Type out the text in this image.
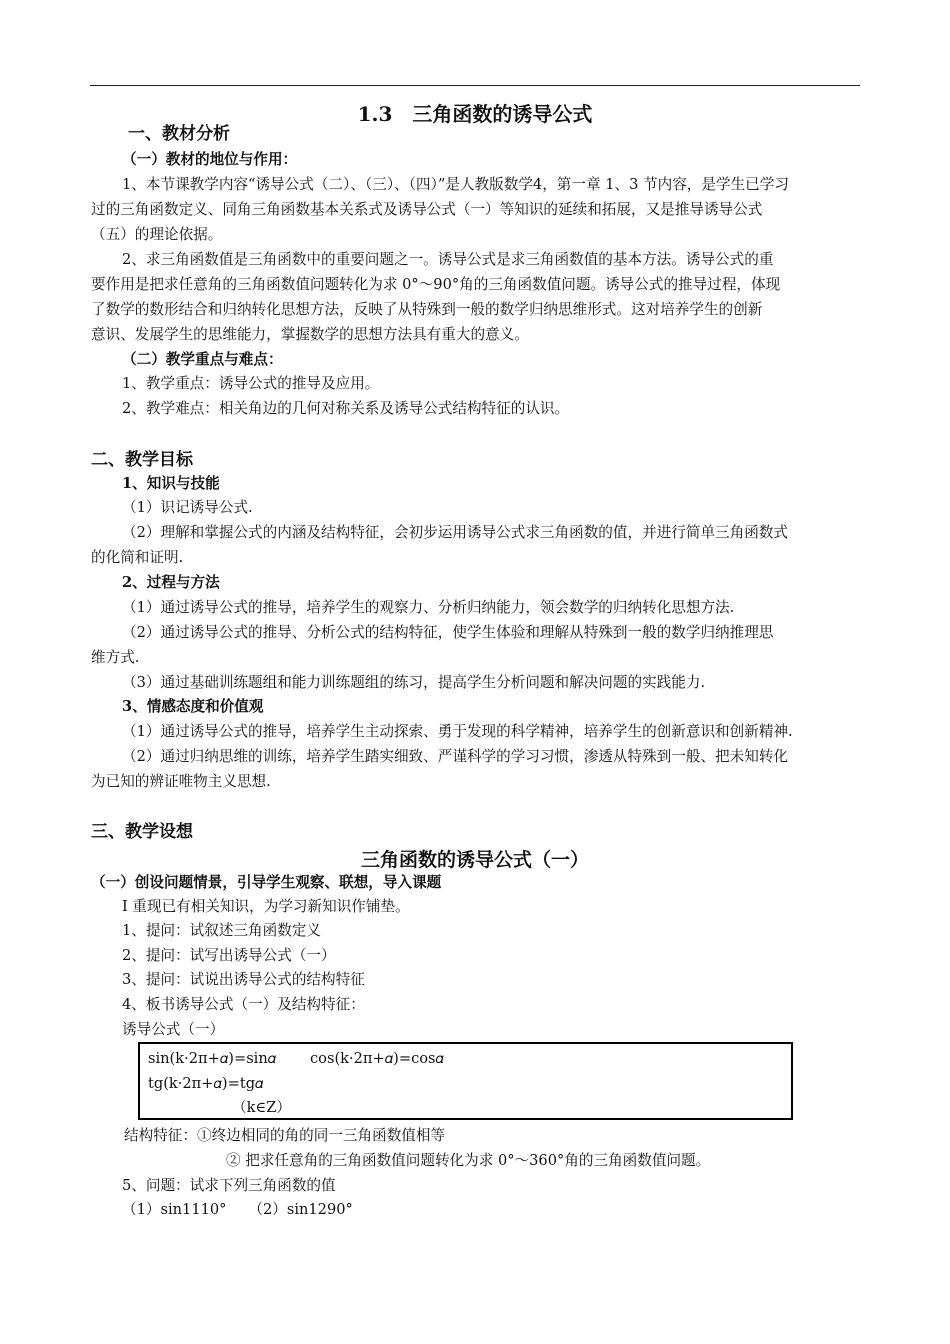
1.3　三角函数的诱导公式
一、教材分析
（一）教材的地位与作用：
1、本节课教学内容“诱导公式（二）、（三）、（四）”是人教版数学4，第一章 1、3 节内容，是学生已学习
过的三角函数定义、同角三角函数基本关系式及诱导公式（一）等知识的延续和拓展，又是推导诱导公式
（五）的理论依据。
2、求三角函数值是三角函数中的重要问题之一。诱导公式是求三角函数值的基本方法。诱导公式的重
要作用是把求任意角的三角函数值问题转化为求 0°～90°角的三角函数值问题。诱导公式的推导过程，体现
了数学的数形结合和归纳转化思想方法，反映了从特殊到一般的数学归纳思维形式。这对培养学生的创新
意识、发展学生的思维能力，掌握数学的思想方法具有重大的意义。
（二）教学重点与难点：
1、教学重点：诱导公式的推导及应用。
2、教学难点：相关角边的几何对称关系及诱导公式结构特征的认识。
二、教学目标
1、知识与技能
（1）识记诱导公式.
（2）理解和掌握公式的内涵及结构特征，会初步运用诱导公式求三角函数的值，并进行简单三角函数式
的化简和证明.
2、过程与方法
（1）通过诱导公式的推导，培养学生的观察力、分析归纳能力，领会数学的归纳转化思想方法.
（2）通过诱导公式的推导、分析公式的结构特征，使学生体验和理解从特殊到一般的数学归纳推理思
维方式.
（3）通过基础训练题组和能力训练题组的练习，提高学生分析问题和解决问题的实践能力.
3、情感态度和价值观
（1）通过诱导公式的推导，培养学生主动探索、勇于发现的科学精神，培养学生的创新意识和创新精神.
（2）通过归纳思维的训练，培养学生踏实细致、严谨科学的学习习惯，渗透从特殊到一般、把未知转化
为已知的辨证唯物主义思想.
三、教学设想
三角函数的诱导公式（一）
（一）创设问题情景，引导学生观察、联想，导入课题
Ⅰ 重现已有相关知识，为学习新知识作铺垫。
1、提问：试叙述三角函数定义
2、提问：试写出诱导公式（一）
3、提问：试说出诱导公式的结构特征
4、板书诱导公式（一）及结构特征：
诱导公式（一）
sin(k·2π+𝛼)=sin𝛼 cos(k·2π+𝛼)=cos𝛼
tg(k·2π+𝛼)=tg𝛼
（k∈Z）
结构特征：①终边相同的角的同一三角函数值相等
② 把求任意角的三角函数值问题转化为求 0°～360°角的三角函数值问题。
5、问题：试求下列三角函数的值
（1）sin1110°　　（2）sin1290°
